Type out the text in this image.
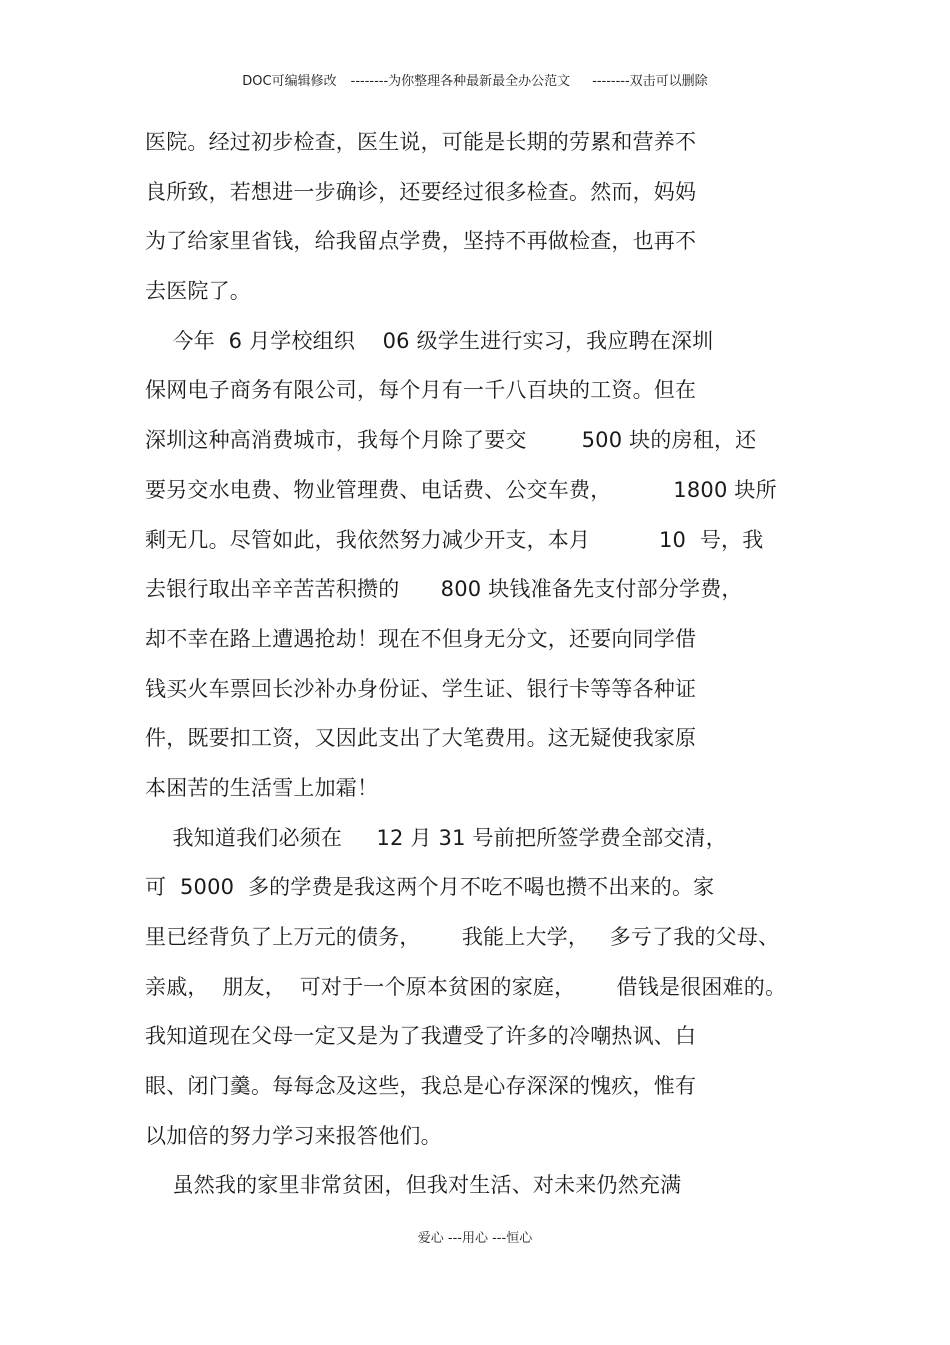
DOC可编辑修改 --------为你整理各种最新最全办公范文 --------双击可以删除
医院。经过初步检查，医生说，可能是长期的劳累和营养不
良所致，若想进一步确诊，还要经过很多检查。然而，妈妈
为了给家里省钱，给我留点学费，坚持不再做检查，也再不
去医院了。
今年  6 月学校组织    06 级学生进行实习，我应聘在深圳
保网电子商务有限公司，每个月有一千八百块的工资。但在
深圳这种高消费城市，我每个月除了要交        500 块的房租，还
要另交水电费、物业管理费、电话费、公交车费，         1800 块所
剩无几。尽管如此，我依然努力减少开支，本月          10  号，我
去银行取出辛辛苦苦积攒的      800 块钱准备先支付部分学费，
却不幸在路上遭遇抢劫！现在不但身无分文，还要向同学借
钱买火车票回长沙补办身份证、学生证、银行卡等等各种证
件，既要扣工资，又因此支出了大笔费用。这无疑使我家原
本困苦的生活雪上加霜！
我知道我们必须在     12 月 31 号前把所签学费全部交清，
可  5000  多的学费是我这两个月不吃不喝也攒不出来的。家
里已经背负了上万元的债务，      我能上大学，   多亏了我的父母、
亲戚，  朋友，  可对于一个原本贫困的家庭，      借钱是很困难的。
我知道现在父母一定又是为了我遭受了许多的冷嘲热讽、白
眼、闭门羹。每每念及这些，我总是心存深深的愧疚，惟有
以加倍的努力学习来报答他们。
虽然我的家里非常贫困，但我对生活、对未来仍然充满
爱心 ---用心 ---恒心
